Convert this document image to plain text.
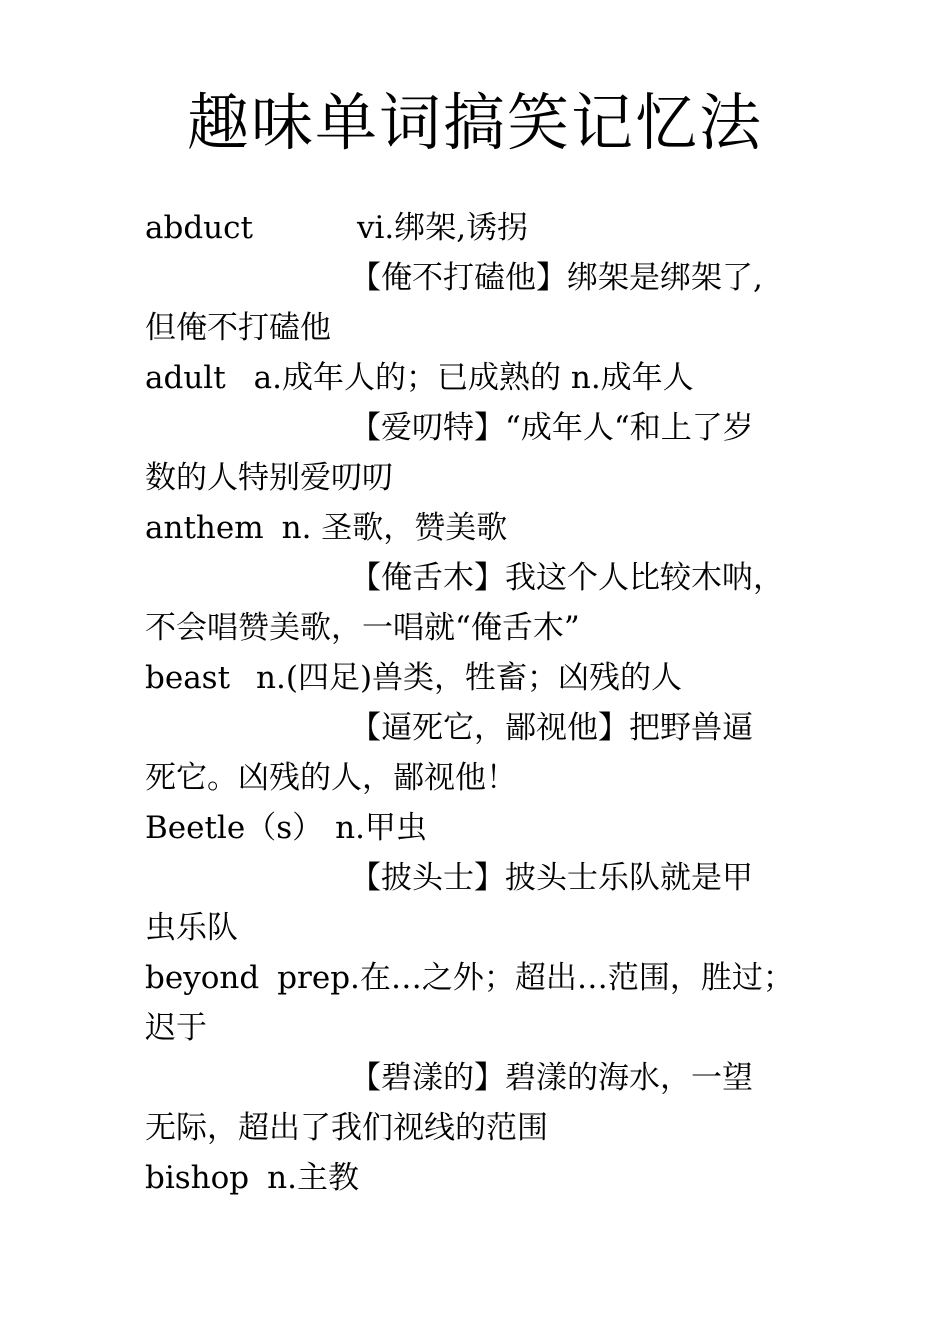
趣味单词搞笑记忆法
abduct	vi.绑架,诱拐
【俺不打磕他】绑架是绑架了,
但俺不打磕他
adult a.成年人的；已成熟的 n.成年人
【爱叨特】“成年人“和上了岁
数的人特别爱叨叨
anthem n. 圣歌，赞美歌
【俺舌木】我这个人比较木呐，
不会唱赞美歌，一唱就“俺舌木”
beast n.(四足)兽类，牲畜；凶残的人
【逼死它，鄙视他】把野兽逼
死它。凶残的人，鄙视他！
Beetle（s） n.甲虫
【披头士】披头士乐队就是甲
虫乐队
beyond prep.在…之外；超出…范围，胜过；
迟于
【碧漾的】碧漾的海水，一望
无际，超出了我们视线的范围
bishop n.主教
